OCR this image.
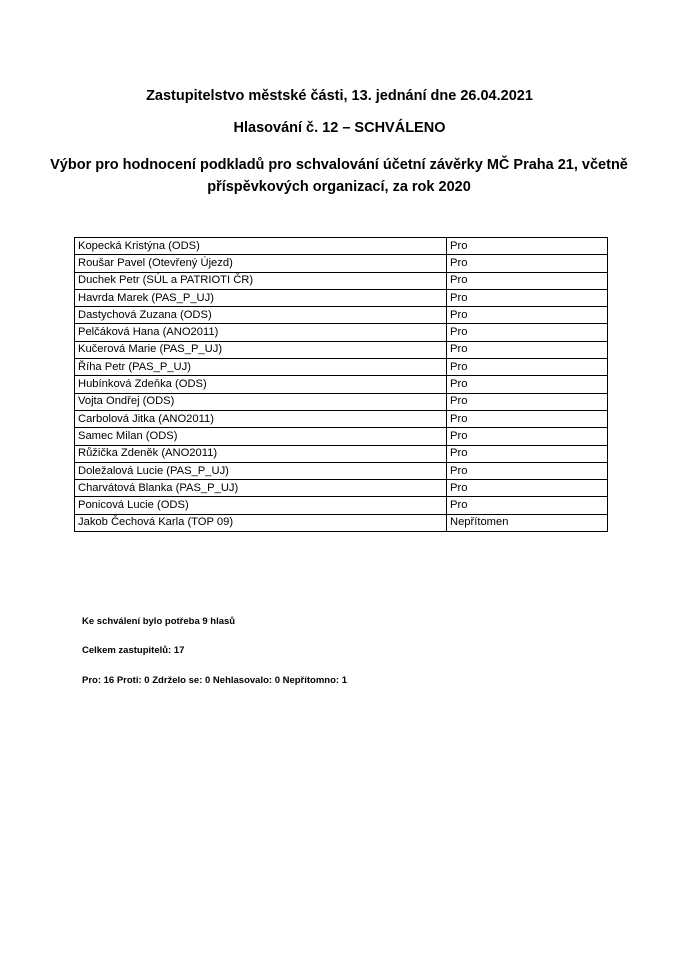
Zastupitelstvo městské části, 13. jednání dne 26.04.2021
Hlasování č. 12 – SCHVÁLENO
Výbor pro hodnocení podkladů pro schvalování účetní závěrky MČ Praha 21, včetně příspěvkových organizací, za rok 2020
Kopecká Kristýna (ODS)	Pro
Roušar Pavel (Otevřený Újezd)	Pro
Duchek Petr (SÚL a PATRIOTI ČR)	Pro
Havrda Marek (PAS_P_UJ)	Pro
Dastychová Zuzana (ODS)	Pro
Pelčáková Hana (ANO2011)	Pro
Kučerová Marie (PAS_P_UJ)	Pro
Říha Petr (PAS_P_UJ)	Pro
Hubínková Zdeňka (ODS)	Pro
Vojta Ondřej (ODS)	Pro
Carbolová Jitka (ANO2011)	Pro
Samec Milan (ODS)	Pro
Růžička Zdeněk (ANO2011)	Pro
Doležalová Lucie (PAS_P_UJ)	Pro
Charvátová Blanka (PAS_P_UJ)	Pro
Ponicová Lucie (ODS)	Pro
Jakob Čechová Karla (TOP 09)	Nepřítomen

Ke schválení bylo potřeba 9 hlasů

Celkem zastupitelů: 17

Pro: 16 Proti: 0 Zdrželo se: 0 Nehlasovalo: 0 Nepřítomno: 1
